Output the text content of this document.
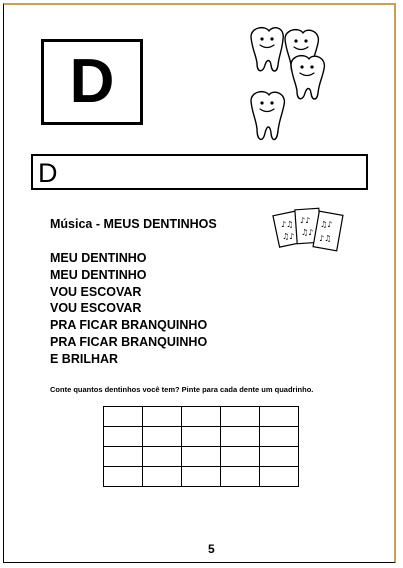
D
D
Música - MEUS DENTINHOS	♪♫
♫♪
♪♪
♫♪
♫♪
♪♫
MEU DENTINHO
MEU DENTINHO
VOU ESCOVAR
VOU ESCOVAR
PRA FICAR BRANQUINHO
PRA FICAR BRANQUINHO
E BRILHAR
Conte quantos dentinhos você tem? Pinte para cada dente um quadrinho.

5
